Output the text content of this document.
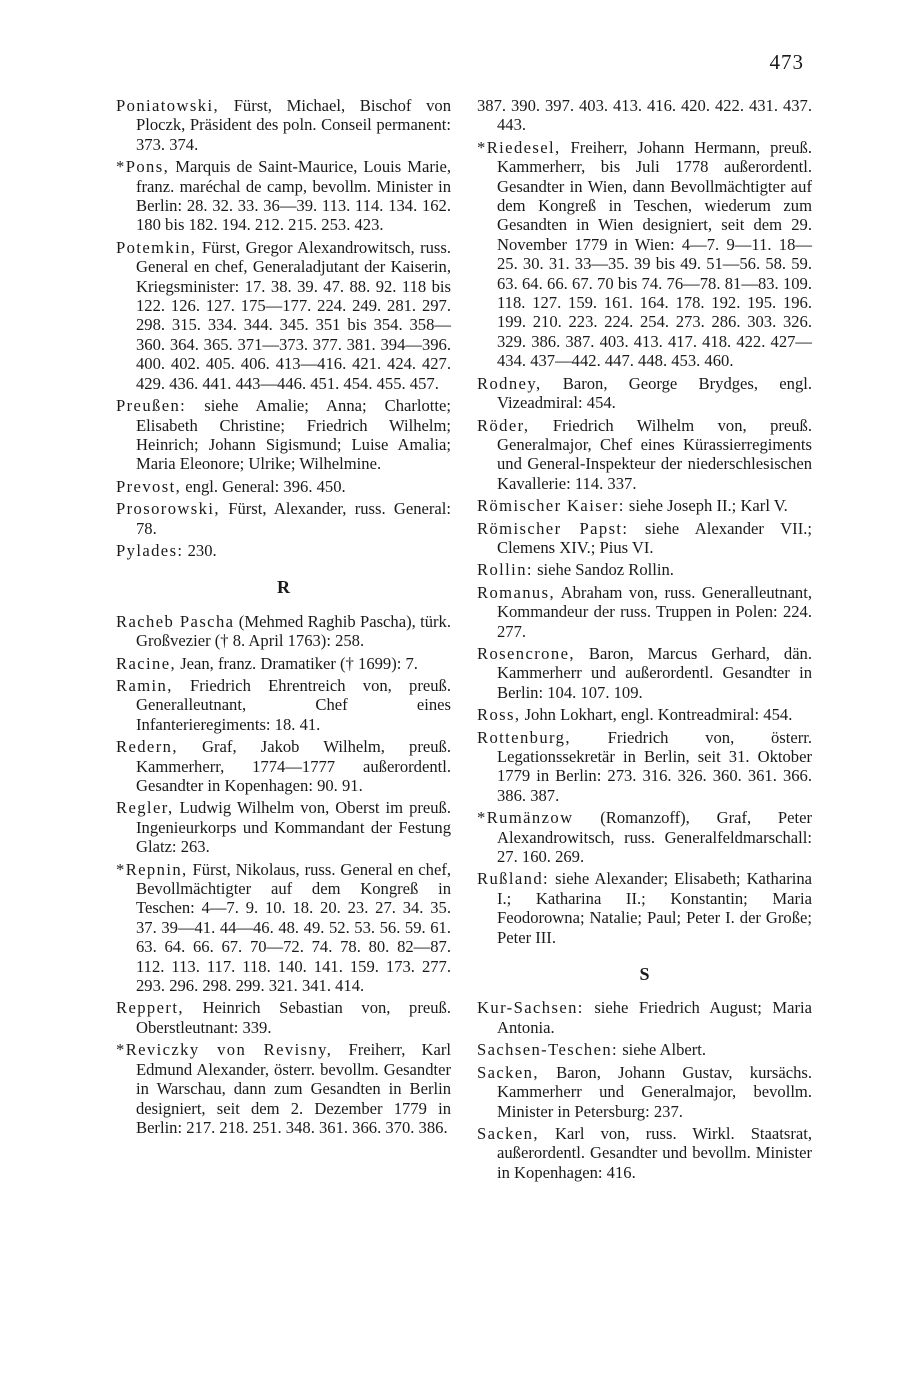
473

Poniatowski, Fürst, Michael, Bischof von Ploczk, Präsident des poln. Conseil permanent: 373. 374.

*Pons, Marquis de Saint-Maurice, Louis Marie, franz. maréchal de camp, bevollm. Minister in Berlin: 28. 32. 33. 36—39. 113. 114. 134. 162. 180 bis 182. 194. 212. 215. 253. 423.

Potemkin, Fürst, Gregor Alexandrowitsch, russ. General en chef, Generaladjutant der Kaiserin, Kriegsminister: 17. 38. 39. 47. 88. 92. 118 bis 122. 126. 127. 175—177. 224. 249. 281. 297. 298. 315. 334. 344. 345. 351 bis 354. 358—360. 364. 365. 371—373. 377. 381. 394—396. 400. 402. 405. 406. 413—416. 421. 424. 427. 429. 436. 441. 443—446. 451. 454. 455. 457.

Preußen: siehe Amalie; Anna; Charlotte; Elisabeth Christine; Friedrich Wilhelm; Heinrich; Johann Sigismund; Luise Amalia; Maria Eleonore; Ulrike; Wilhelmine.

Prevost, engl. General: 396. 450.

Prosorowski, Fürst, Alexander, russ. General: 78.

Pylades: 230.

R

Racheb Pascha (Mehmed Raghib Pascha), türk. Großvezier († 8. April 1763): 258.

Racine, Jean, franz. Dramatiker († 1699): 7.

Ramin, Friedrich Ehrentreich von, preuß. Generalleutnant, Chef eines Infanterieregiments: 18. 41.

Redern, Graf, Jakob Wilhelm, preuß. Kammerherr, 1774—1777 außerordentl. Gesandter in Kopenhagen: 90. 91.

Regler, Ludwig Wilhelm von, Oberst im preuß. Ingenieurkorps und Kommandant der Festung Glatz: 263.

*Repnin, Fürst, Nikolaus, russ. General en chef, Bevollmächtigter auf dem Kongreß in Teschen: 4—7. 9. 10. 18. 20. 23. 27. 34. 35. 37. 39—41. 44—46. 48. 49. 52. 53. 56. 59. 61. 63. 64. 66. 67. 70—72. 74. 78. 80. 82—87. 112. 113. 117. 118. 140. 141. 159. 173. 277. 293. 296. 298. 299. 321. 341. 414.

Reppert, Heinrich Sebastian von, preuß. Oberstleutnant: 339.

*Reviczky von Revisny, Freiherr, Karl Edmund Alexander, österr. bevollm. Gesandter in Warschau, dann zum Gesandten in Berlin designiert, seit dem 2. Dezember 1779 in Berlin: 217. 218. 251. 348. 361. 366. 370. 386.

387. 390. 397. 403. 413. 416. 420. 422. 431. 437. 443.

*Riedesel, Freiherr, Johann Hermann, preuß. Kammerherr, bis Juli 1778 außerordentl. Gesandter in Wien, dann Bevollmächtigter auf dem Kongreß in Teschen, wiederum zum Gesandten in Wien designiert, seit dem 29. November 1779 in Wien: 4—7. 9—11. 18—25. 30. 31. 33—35. 39 bis 49. 51—56. 58. 59. 63. 64. 66. 67. 70 bis 74. 76—78. 81—83. 109. 118. 127. 159. 161. 164. 178. 192. 195. 196. 199. 210. 223. 224. 254. 273. 286. 303. 326. 329. 386. 387. 403. 413. 417. 418. 422. 427—434. 437—442. 447. 448. 453. 460.

Rodney, Baron, George Brydges, engl. Vizeadmiral: 454.

Röder, Friedrich Wilhelm von, preuß. Generalmajor, Chef eines Kürassierregiments und General-Inspekteur der niederschlesischen Kavallerie: 114. 337.

Römischer Kaiser: siehe Joseph II.; Karl V.

Römischer Papst: siehe Alexander VII.; Clemens XIV.; Pius VI.

Rollin: siehe Sandoz Rollin.

Romanus, Abraham von, russ. Generalleutnant, Kommandeur der russ. Truppen in Polen: 224. 277.

Rosencrone, Baron, Marcus Gerhard, dän. Kammerherr und außerordentl. Gesandter in Berlin: 104. 107. 109.

Ross, John Lokhart, engl. Kontreadmiral: 454.

Rottenburg, Friedrich von, österr. Legationssekretär in Berlin, seit 31. Oktober 1779 in Berlin: 273. 316. 326. 360. 361. 366. 386. 387.

*Rumänzow (Romanzoff), Graf, Peter Alexandrowitsch, russ. Generalfeldmarschall: 27. 160. 269.

Rußland: siehe Alexander; Elisabeth; Katharina I.; Katharina II.; Konstantin; Maria Feodorowna; Natalie; Paul; Peter I. der Große; Peter III.

S

Kur-Sachsen: siehe Friedrich August; Maria Antonia.

Sachsen-Teschen: siehe Albert.

Sacken, Baron, Johann Gustav, kursächs. Kammerherr und Generalmajor, bevollm. Minister in Petersburg: 237.

Sacken, Karl von, russ. Wirkl. Staatsrat, außerordentl. Gesandter und bevollm. Minister in Kopenhagen: 416.
